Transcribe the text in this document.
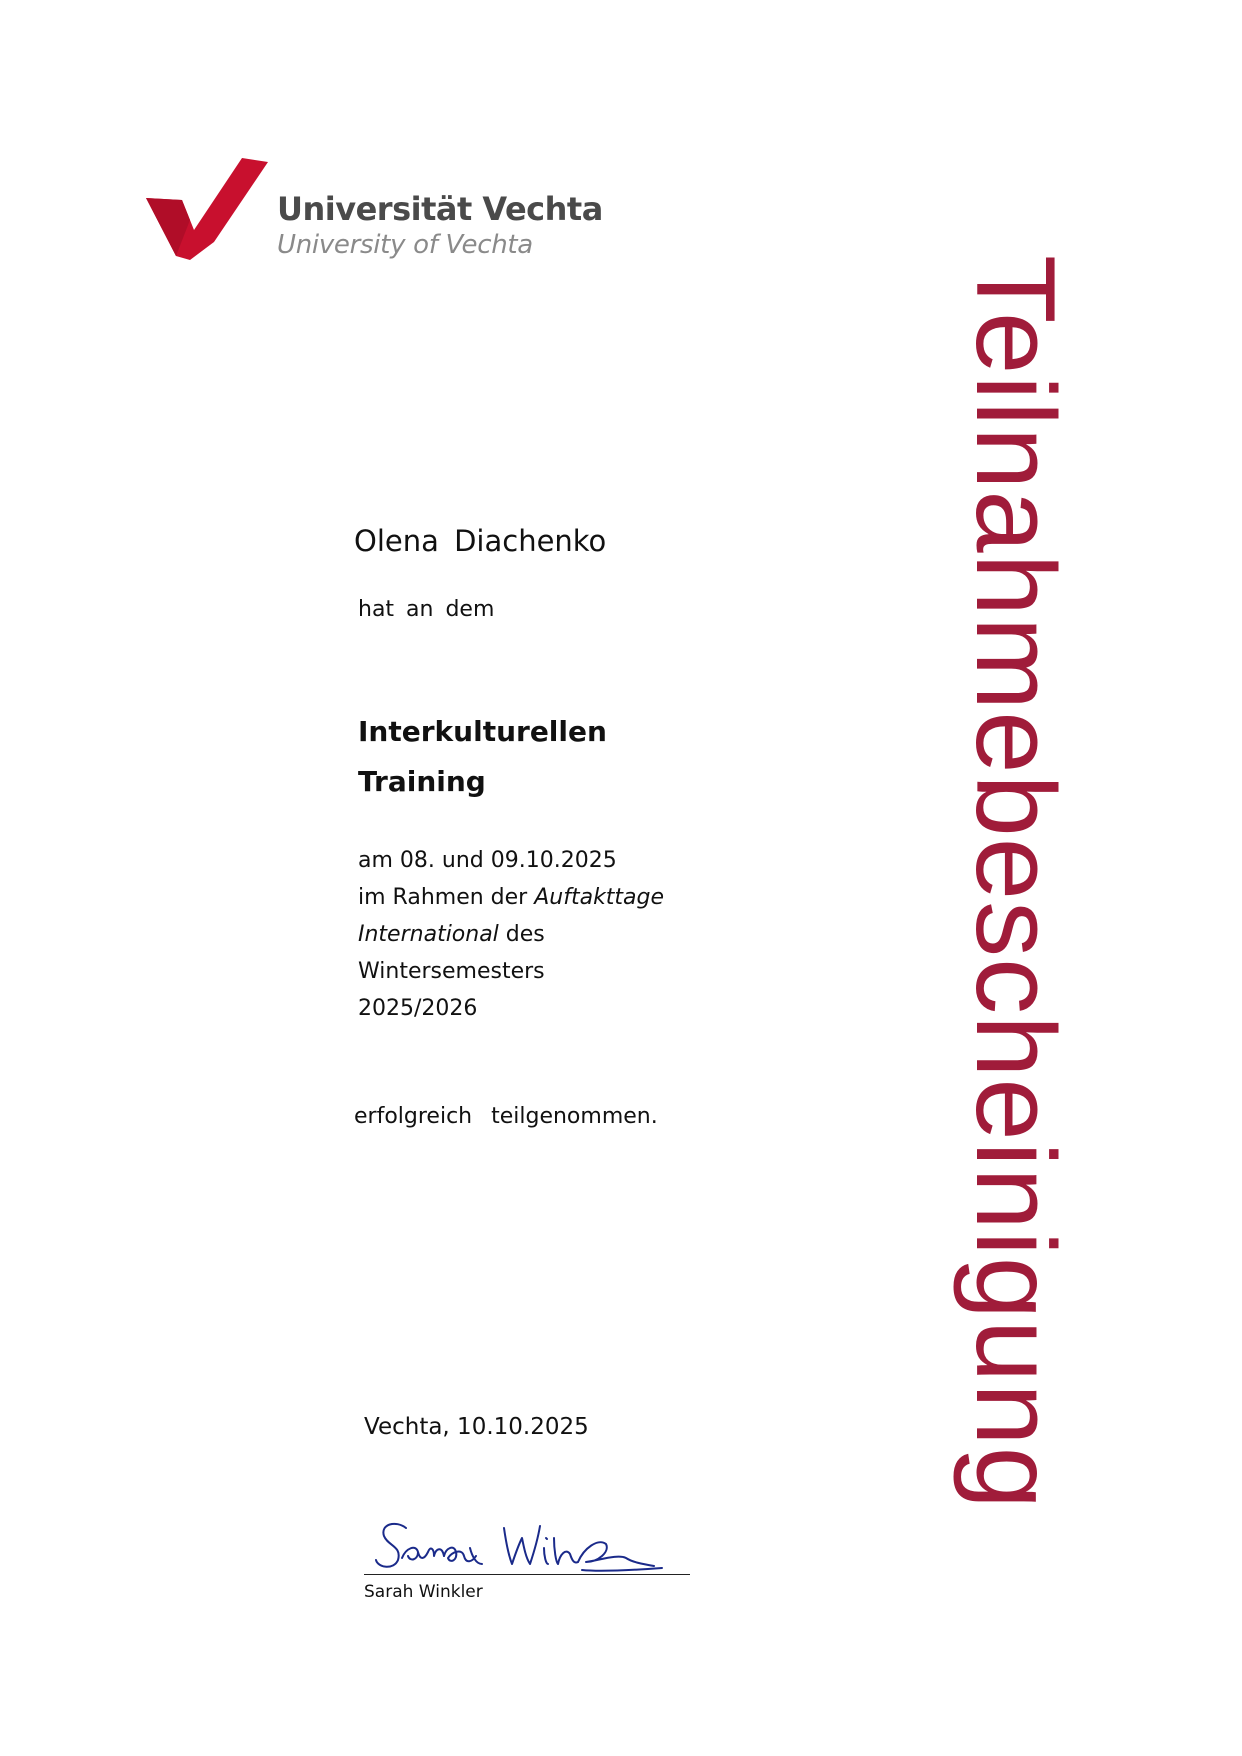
Universität Vechta
University of Vechta
Teilnahmebescheinigung
Olena Diachenko
hat an dem
Interkulturellen
Training
am 08. und 09.10.2025
im Rahmen der Auftakttage
International des
Wintersemesters
2025/2026
erfolgreich teilgenommen.
Vechta, 10.10.2025
Sarah Winkler
